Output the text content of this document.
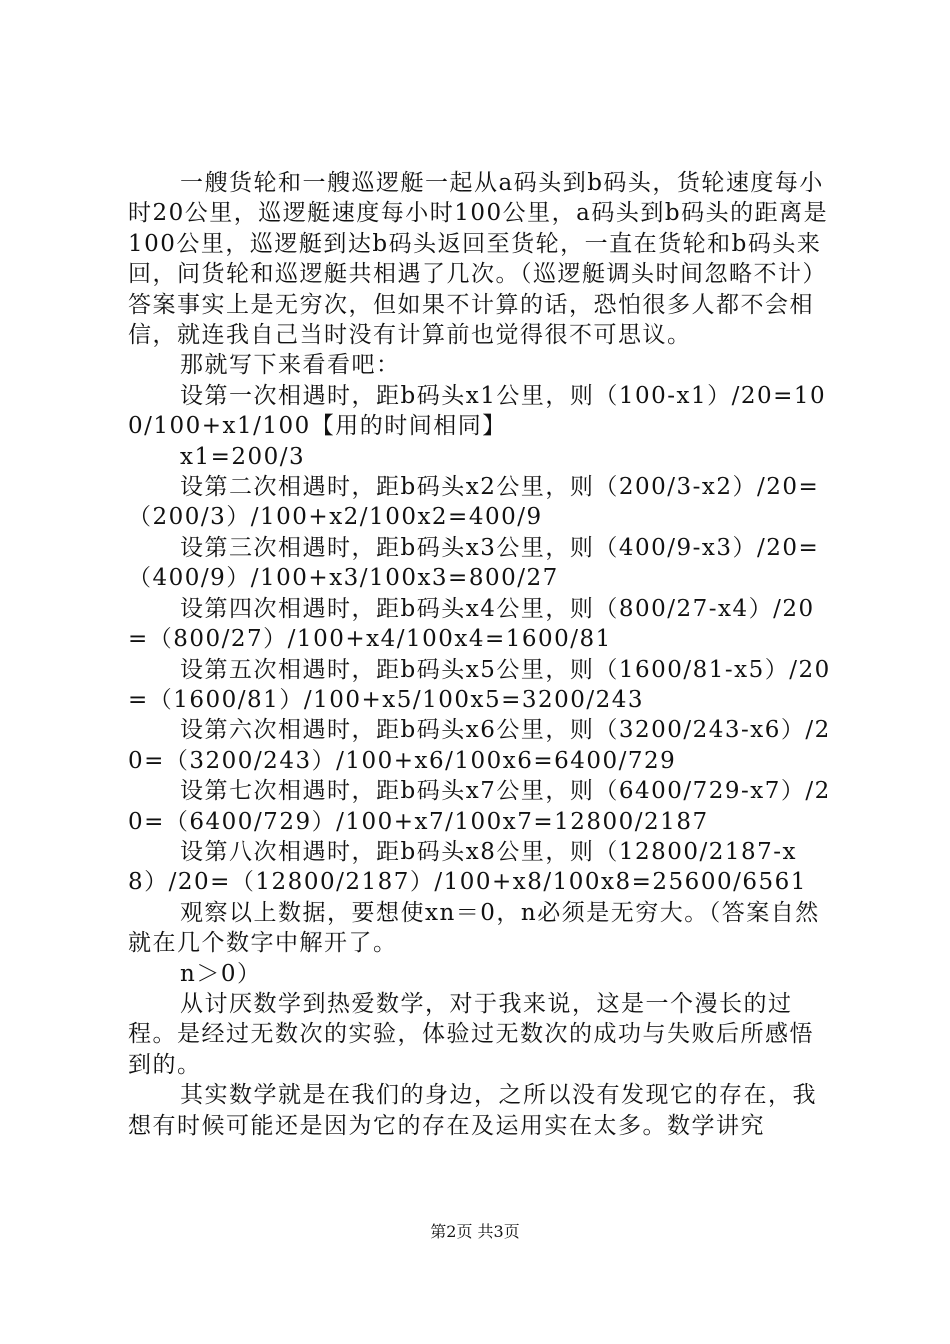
一艘货轮和一艘巡逻艇一起从a码头到b码头，货轮速度每小时20公里，巡逻艇速度每小时100公里，a码头到b码头的距离是100公里，巡逻艇到达b码头返回至货轮，一直在货轮和b码头来回，问货轮和巡逻艇共相遇了几次。（巡逻艇调头时间忽略不计）答案事实上是无穷次，但如果不计算的话，恐怕很多人都不会相信，就连我自己当时没有计算前也觉得很不可思议。

那就写下来看看吧：

设第一次相遇时，距b码头x1公里，则（100-x1）/20=100/100+x1/100【用的时间相同】

x1=200/3

设第二次相遇时，距b码头x2公里，则（200/3-x2）/20=（200/3）/100+x2/100x2=400/9

设第三次相遇时，距b码头x3公里，则（400/9-x3）/20=（400/9）/100+x3/100x3=800/27

设第四次相遇时，距b码头x4公里，则（800/27-x4）/20=（800/27）/100+x4/100x4=1600/81

设第五次相遇时，距b码头x5公里，则（1600/81-x5）/20=（1600/81）/100+x5/100x5=3200/243

设第六次相遇时，距b码头x6公里，则（3200/243-x6）/20=（3200/243）/100+x6/100x6=6400/729

设第七次相遇时，距b码头x7公里，则（6400/729-x7）/20=（6400/729）/100+x7/100x7=12800/2187

设第八次相遇时，距b码头x8公里，则（12800/2187-x8）/20=（12800/2187）/100+x8/100x8=25600/6561

观察以上数据，要想使xn＝0，n必须是无穷大。（答案自然就在几个数字中解开了。

n＞0）

从讨厌数学到热爱数学，对于我来说，这是一个漫长的过程。是经过无数次的实验，体验过无数次的成功与失败后所感悟到的。

其实数学就是在我们的身边，之所以没有发现它的存在，我想有时候可能还是因为它的存在及运用实在太多。数学讲究

第2页 共3页
